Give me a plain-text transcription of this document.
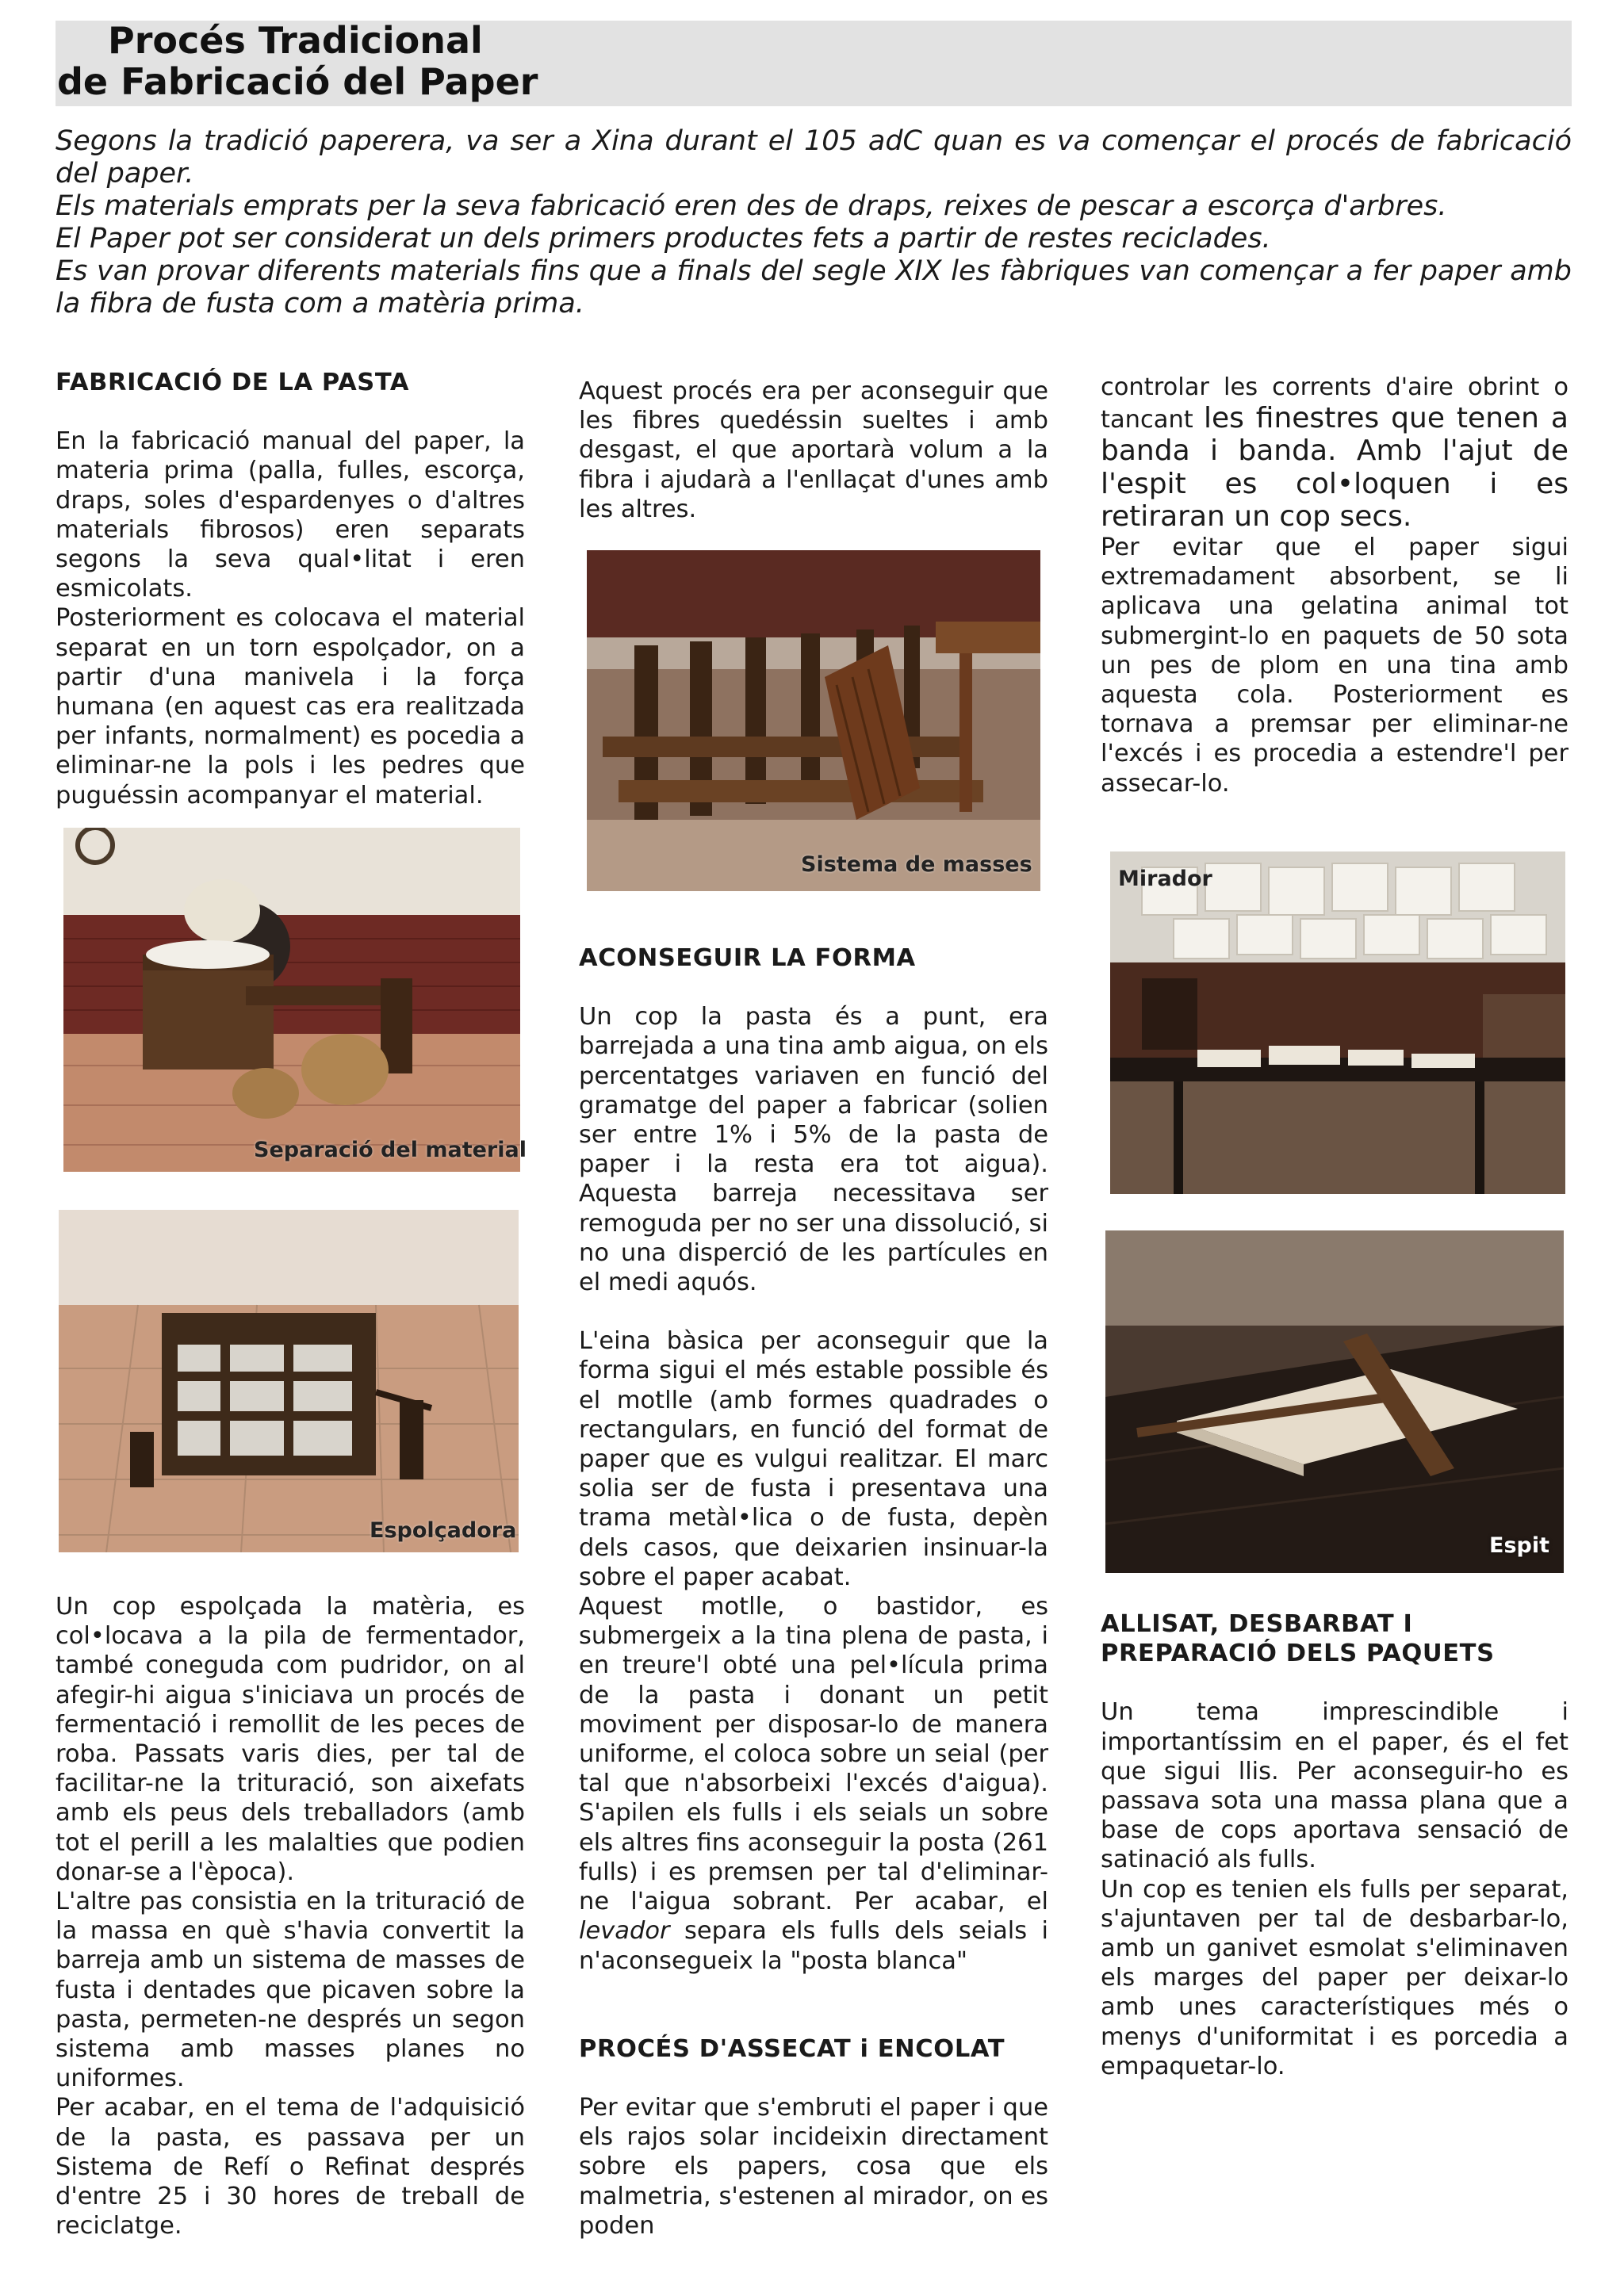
Procés Tradicional
de Fabricació del Paper

Segons la tradició paperera, va ser a Xina durant el 105 adC quan es va començar el procés de fabricació del paper.

Els materials emprats per la seva fabricació eren des de draps, reixes de pescar a escorça d'arbres.

El Paper pot ser considerat un dels primers productes fets a partir de restes reciclades.

Es van provar diferents materials fins que a finals del segle XIX les fàbriques van començar a fer paper amb la fibra de fusta com a matèria prima.

FABRICACIÓ DE LA PASTA

En la fabricació manual del paper, la materia prima (palla, fulles, escorça, draps, soles d'espardenyes o d'altres materials fibrosos) eren separats segons la seva qual•litat i eren esmicolats.

Posteriorment es colocava el material separat en un torn espolçador, on a partir d'una manivela i la força humana (en aquest cas era realitzada per infants, normalment) es pocedia a eliminar-ne la pols i les pedres que puguéssin acompanyar el material.

Separació del material
Espolçadora

Un cop espolçada la matèria, es col•locava a la pila de fermentador, també coneguda com pudridor, on al afegir-hi aigua s'iniciava un procés de fermentació i remollit de les peces de roba. Passats varis dies, per tal de facilitar-ne la trituració, son aixefats amb els peus dels treballadors (amb tot el perill a les malalties que podien donar-se a l'època).

L'altre pas consistia en la trituració de la massa en què s'havia convertit la barreja amb un sistema de masses de fusta i dentades que picaven sobre la pasta, permeten-ne després un segon sistema amb masses planes no uniformes.

Per acabar, en el tema de l'adquisició de la pasta, es passava per un Sistema de Refí o Refinat després d'entre 25 i 30 hores de treball de reciclatge.

Aquest procés era per aconseguir que les fibres quedéssin sueltes i amb desgast, el que aportarà volum a la fibra i ajudarà a l'enllaçat d'unes amb les altres.

Sistema de masses
ACONSEGUIR LA FORMA

Un cop la pasta és a punt, era barrejada a una tina amb aigua, on els percentatges variaven en funció del gramatge del paper a fabricar (solien ser entre 1% i 5% de la pasta de paper i la resta era tot aigua). Aquesta barreja necessitava ser remoguda per no ser una dissolució, si no una disperció de les partícules en el medi aquós.

L'eina bàsica per aconseguir que la forma sigui el més estable possible és el motlle (amb formes quadrades o rectangulars, en funció del format de paper que es vulgui realitzar. El marc solia ser de fusta i presentava una trama metàl•lica o de fusta, depèn dels casos, que deixarien insinuar-la sobre el paper acabat.

Aquest motlle, o bastidor, es submergeix a la tina plena de pasta, i en treure'l obté una pel•lícula prima de la pasta i donant un petit moviment per disposar-lo de manera uniforme, el coloca sobre un seial (per tal que n'absorbeixi l'excés d'aigua). S'apilen els fulls i els seials un sobre els altres fins aconseguir la posta (261 fulls) i es premsen per tal d'eliminar-ne l'aigua sobrant. Per acabar, el levador separa els fulls dels seials i n'aconsegueix la "posta blanca"

PROCÉS D'ASSECAT i ENCOLAT

Per evitar que s'embruti el paper i que els rajos solar incideixin directament sobre els papers, cosa que els malmetria, s'estenen al mirador, on es poden

controlar les corrents d'aire obrint o tancant les finestres que tenen a banda i banda. Amb l'ajut de l'espit es col•loquen i es retiraran un cop secs.

Per evitar que el paper sigui extremadament absorbent, se li aplicava una gelatina animal tot submergint-lo en paquets de 50 sota un pes de plom en una tina amb aquesta cola. Posteriorment es tornava a premsar per eliminar-ne l'excés i es procedia a estendre'l per assecar-lo.

Mirador
Espit
ALLISAT, DESBARBAT I PREPARACIÓ DELS PAQUETS

Un tema imprescindible i importantíssim en el paper, és el fet que sigui llis. Per aconseguir-ho es passava sota una massa plana que a base de cops aportava sensació de satinació als fulls.

Un cop es tenien els fulls per separat, s'ajuntaven per tal de desbarbar-lo, amb un ganivet esmolat s'eliminaven els marges del paper per deixar-lo amb unes característiques més o menys d'uniformitat i es porcedia a empaquetar-lo.
